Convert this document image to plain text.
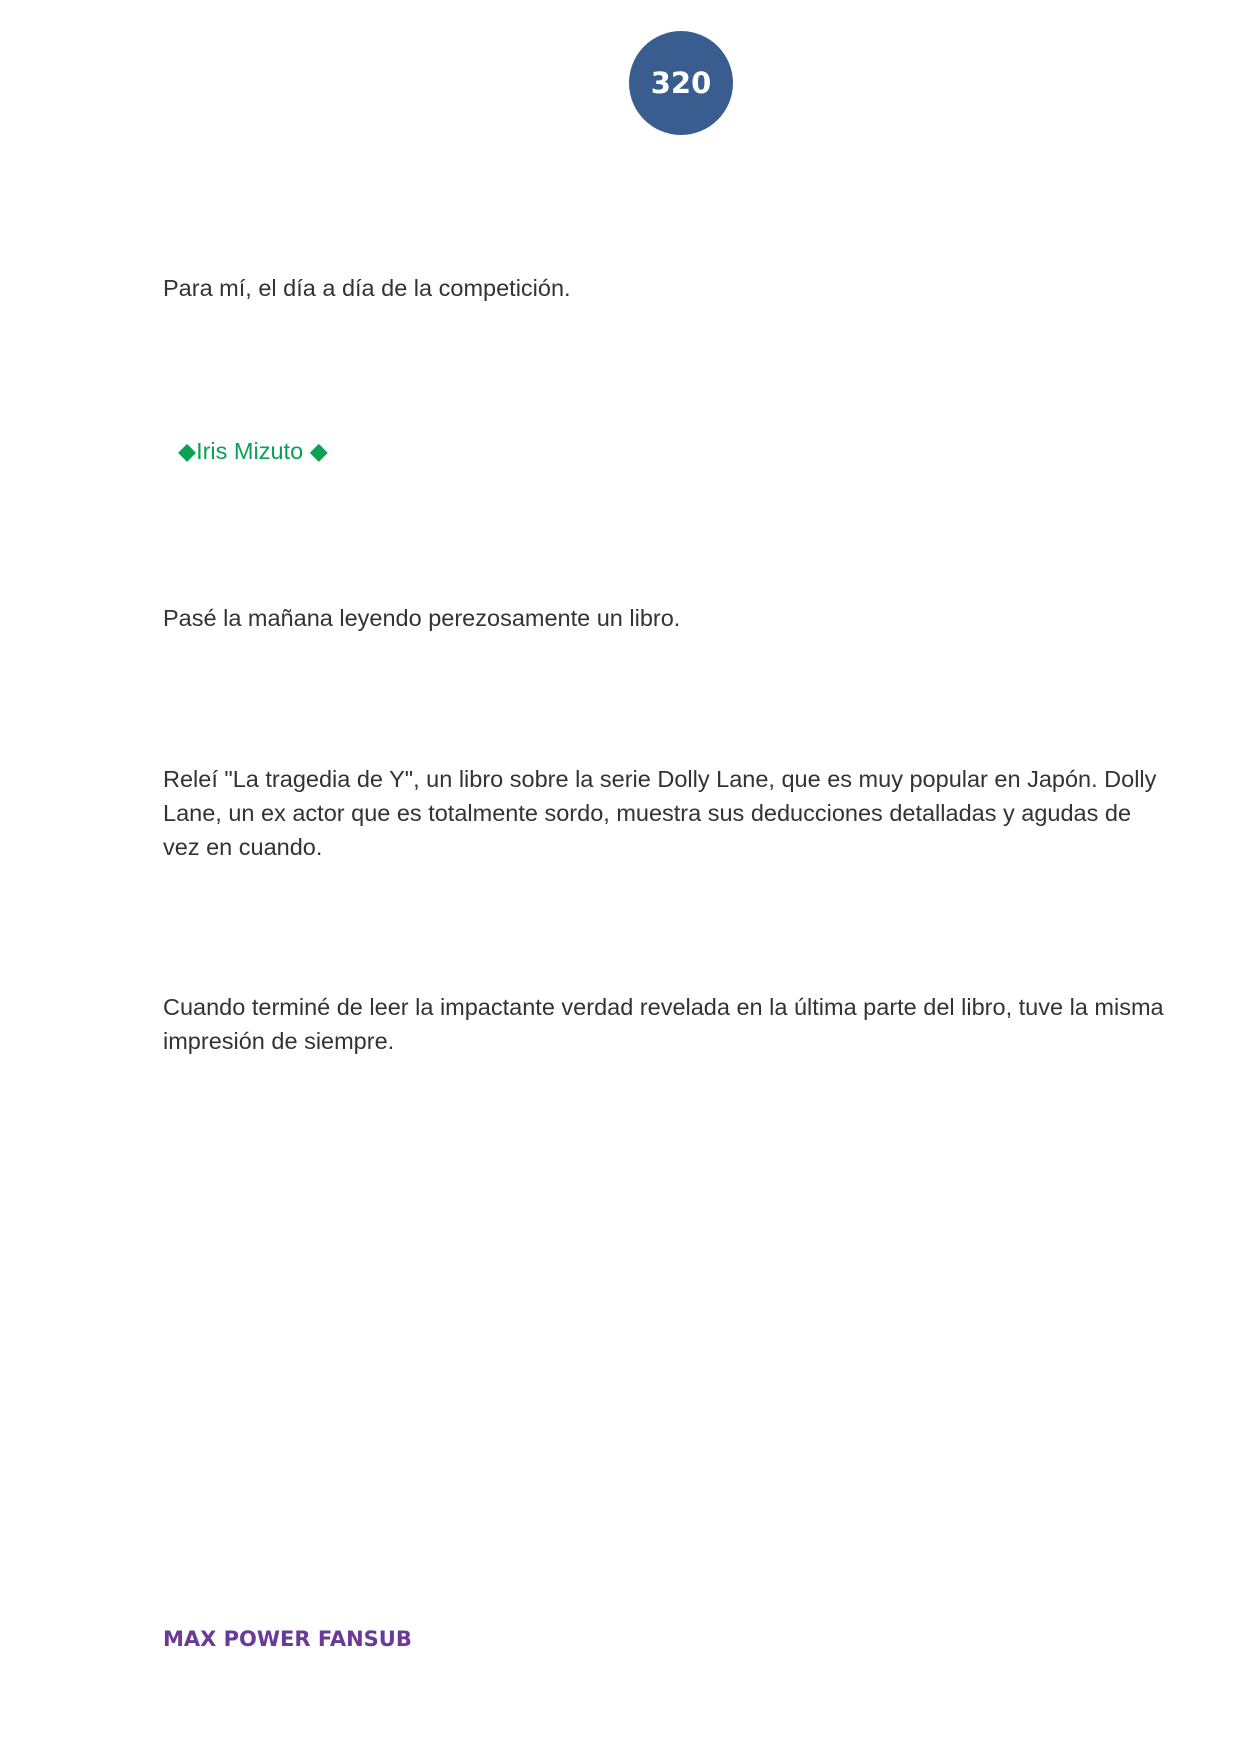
320

Para mí, el día a día de la competición.

◆Iris Mizuto ◆

Pasé la mañana leyendo perezosamente un libro.

Releí "La tragedia de Y", un libro sobre la serie Dolly Lane, que es muy popular en Japón. Dolly Lane, un ex actor que es totalmente sordo, muestra sus deducciones detalladas y agudas de vez en cuando.

Cuando terminé de leer la impactante verdad revelada en la última parte del libro, tuve la misma impresión de siempre.

MAX POWER FANSUB
